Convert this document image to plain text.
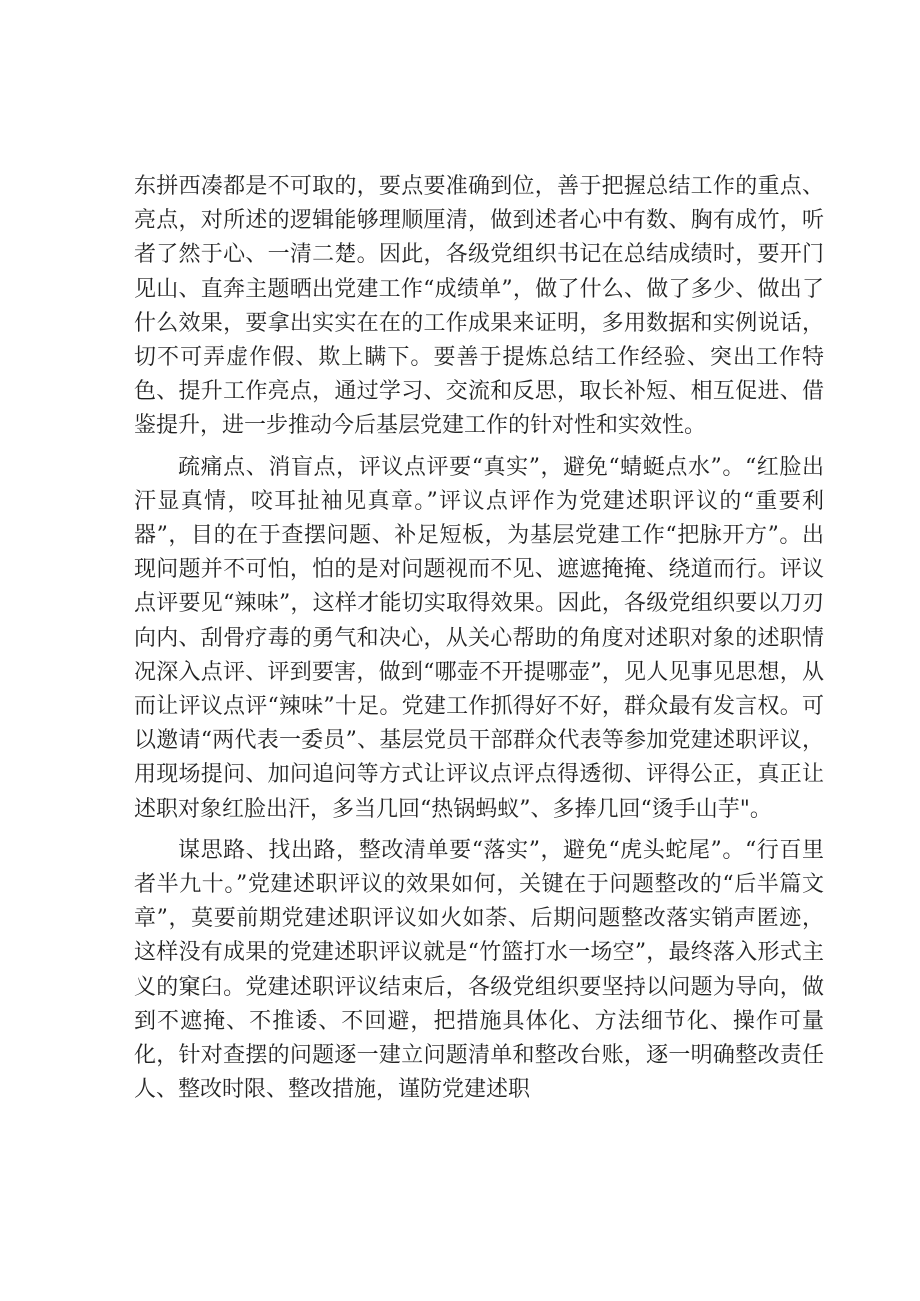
东拼西凑都是不可取的，要点要准确到位，善于把握总结工作的重点、亮点，对所述的逻辑能够理顺厘清，做到述者心中有数、胸有成竹，听者了然于心、一清二楚。因此，各级党组织书记在总结成绩时，要开门见山、直奔主题晒出党建工作“成绩单”，做了什么、做了多少、做出了什么效果，要拿出实实在在的工作成果来证明，多用数据和实例说话，切不可弄虚作假、欺上瞒下。要善于提炼总结工作经验、突出工作特色、提升工作亮点，通过学习、交流和反思，取长补短、相互促进、借鉴提升，进一步推动今后基层党建工作的针对性和实效性。

疏痛点、消盲点，评议点评要“真实”，避免“蜻蜓点水”。“红脸出汗显真情，咬耳扯袖见真章。”评议点评作为党建述职评议的“重要利器”，目的在于查摆问题、补足短板，为基层党建工作“把脉开方”。出现问题并不可怕，怕的是对问题视而不见、遮遮掩掩、绕道而行。评议点评要见“辣味”，这样才能切实取得效果。因此，各级党组织要以刀刃向内、刮骨疗毒的勇气和决心，从关心帮助的角度对述职对象的述职情况深入点评、评到要害，做到“哪壶不开提哪壶”，见人见事见思想，从而让评议点评“辣味”十足。党建工作抓得好不好，群众最有发言权。可以邀请“两代表一委员”、基层党员干部群众代表等参加党建述职评议，用现场提问、加问追问等方式让评议点评点得透彻、评得公正，真正让述职对象红脸出汗，多当几回“热锅蚂蚁”、多捧几回“烫手山芋"。

谋思路、找出路，整改清单要“落实”，避免“虎头蛇尾”。“行百里者半九十。”党建述职评议的效果如何，关键在于问题整改的“后半篇文章”，莫要前期党建述职评议如火如荼、后期问题整改落实销声匿迹，这样没有成果的党建述职评议就是“竹篮打水一场空”，最终落入形式主义的窠臼。党建述职评议结束后，各级党组织要坚持以问题为导向，做到不遮掩、不推诿、不回避，把措施具体化、方法细节化、操作可量化，针对查摆的问题逐一建立问题清单和整改台账，逐一明确整改责任人、整改时限、整改措施，谨防党建述职
